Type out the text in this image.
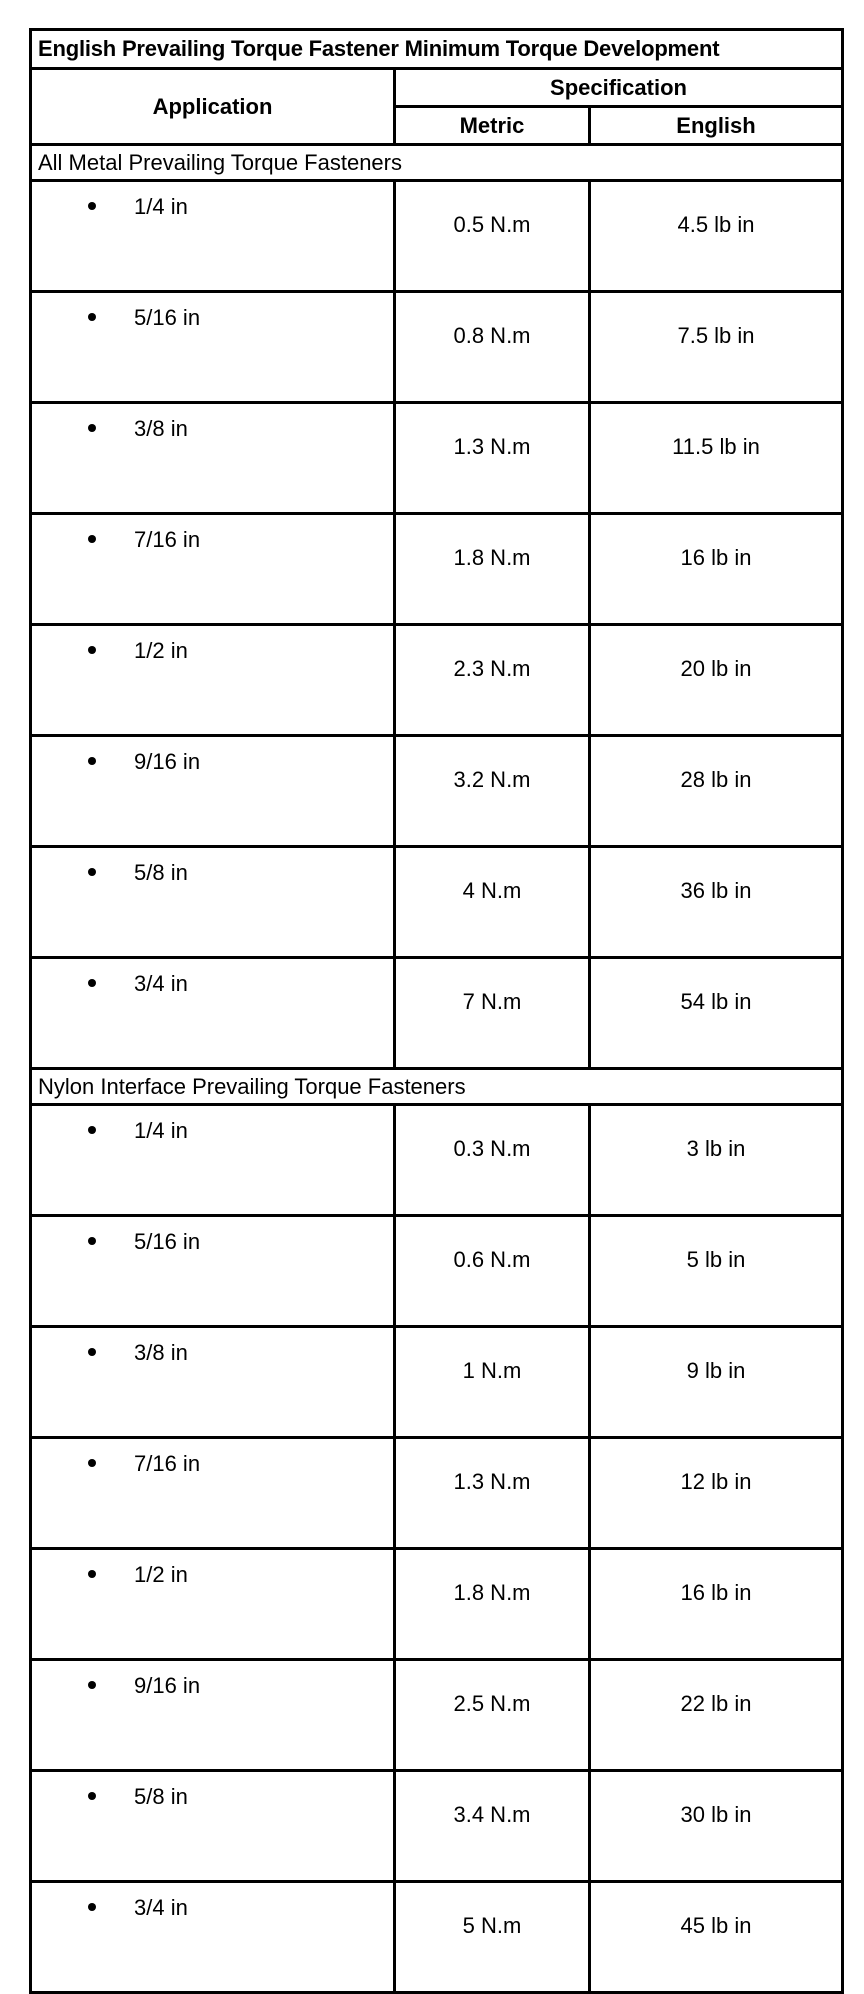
English Prevailing Torque Fastener Minimum Torque Development		
Application	Specification	
	Metric	English
All Metal Prevailing Torque Fasteners		

1/4 in	0.5 N.m	4.5 lb in

5/16 in	0.8 N.m	7.5 lb in

3/8 in	1.3 N.m	11.5 lb in

7/16 in	1.8 N.m	16 lb in

1/2 in	2.3 N.m	20 lb in

9/16 in	3.2 N.m	28 lb in

5/8 in	4 N.m	36 lb in

3/4 in	7 N.m	54 lb in
Nylon Interface Prevailing Torque Fasteners		

1/4 in	0.3 N.m	3 lb in

5/16 in	0.6 N.m	5 lb in

3/8 in	1 N.m	9 lb in

7/16 in	1.3 N.m	12 lb in

1/2 in	1.8 N.m	16 lb in

9/16 in	2.5 N.m	22 lb in

5/8 in	3.4 N.m	30 lb in

3/4 in	5 N.m	45 lb in
